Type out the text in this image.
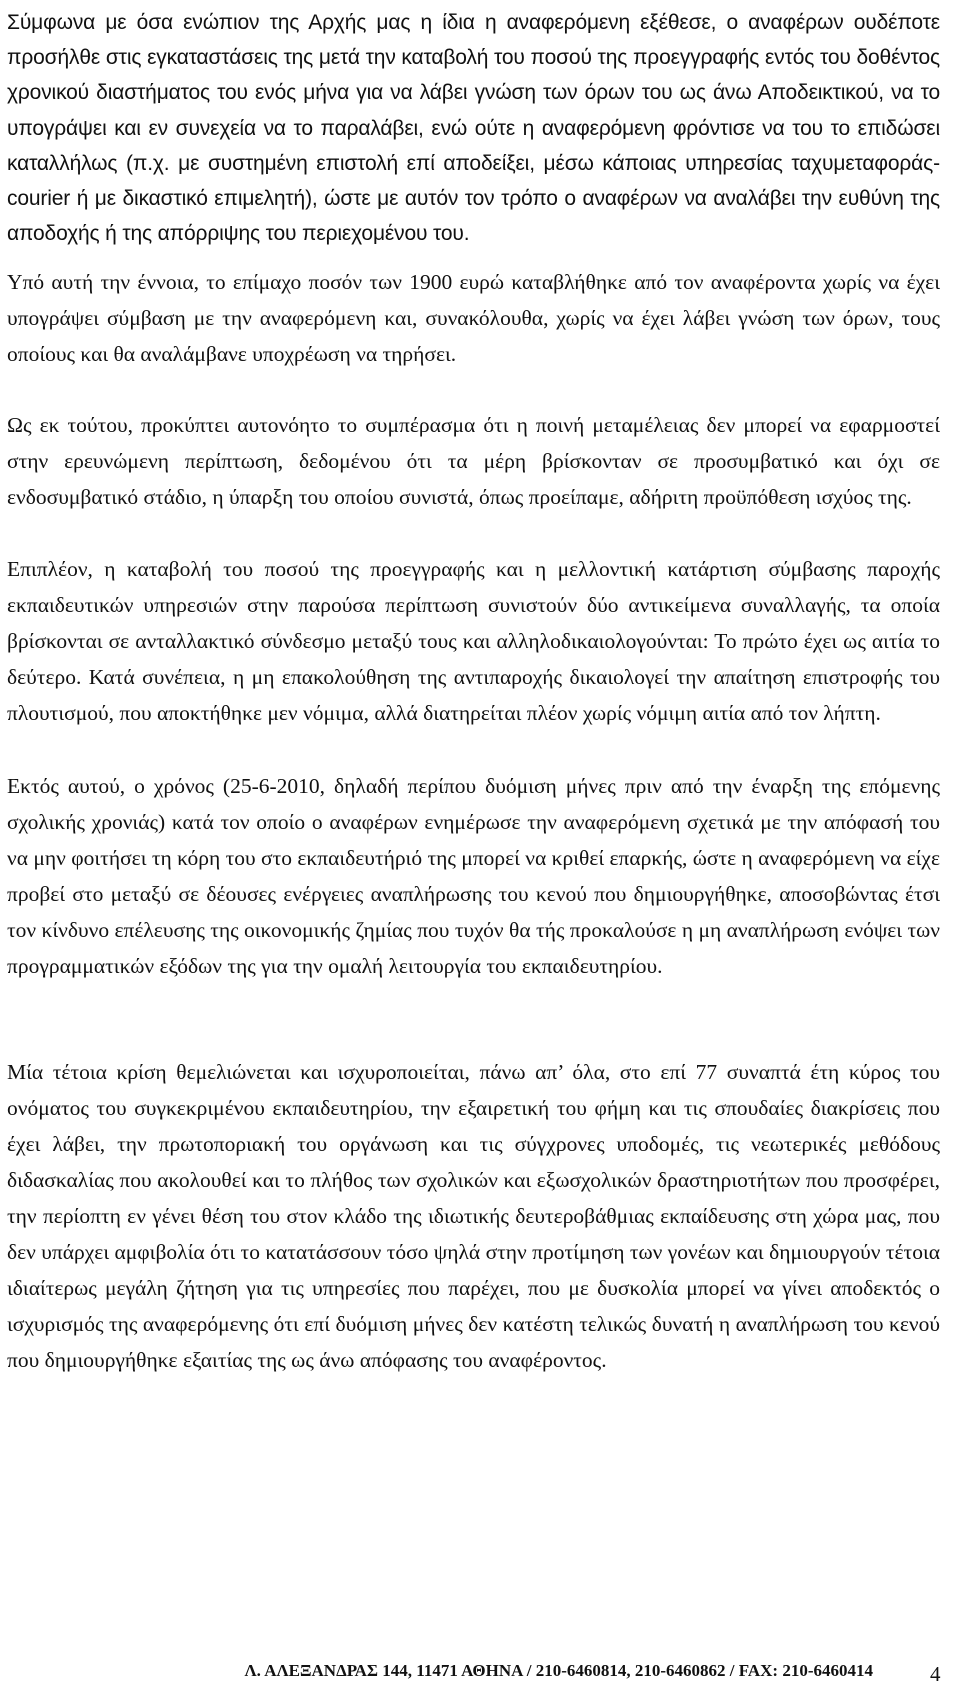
Σύμφωνα με όσα ενώπιον της Αρχής μας η ίδια η αναφερόμενη εξέθεσε, ο αναφέρων ουδέποτε προσήλθε στις εγκαταστάσεις της μετά την καταβολή του ποσού της προεγγραφής εντός του δοθέντος χρονικού διαστήματος του ενός μήνα για να λάβει γνώση των όρων του ως άνω Αποδεικτικού, να το υπογράψει και εν συνεχεία να το παραλάβει, ενώ ούτε η αναφερόμενη φρόντισε να του το επιδώσει καταλλήλως (π.χ. με συστημένη επιστολή επί αποδείξει, μέσω κάποιας υπηρεσίας ταχυμεταφοράς-courier ή με δικαστικό επιμελητή), ώστε με αυτόν τον τρόπο ο αναφέρων να αναλάβει την ευθύνη της αποδοχής ή της απόρριψης του περιεχομένου του.

Υπό αυτή την έννοια, το επίμαχο ποσόν των 1900 ευρώ καταβλήθηκε από τον αναφέροντα χωρίς να έχει υπογράψει σύμβαση με την αναφερόμενη και, συνακόλουθα, χωρίς να έχει λάβει γνώση των όρων, τους οποίους και θα αναλάμβανε υποχρέωση να τηρήσει.

Ως εκ τούτου, προκύπτει αυτονόητο το συμπέρασμα ότι η ποινή μεταμέλειας δεν μπορεί να εφαρμοστεί στην ερευνώμενη περίπτωση, δεδομένου ότι τα μέρη βρίσκονταν σε προσυμβατικό και όχι σε ενδοσυμβατικό στάδιο, η ύπαρξη του οποίου συνιστά, όπως προείπαμε, αδήριτη προϋπόθεση ισχύος της.

Επιπλέον, η καταβολή του ποσού της προεγγραφής και η μελλοντική κατάρτιση σύμβασης παροχής εκπαιδευτικών υπηρεσιών στην παρούσα περίπτωση συνιστούν δύο αντικείμενα συναλλαγής, τα οποία βρίσκονται σε ανταλλακτικό σύνδεσμο μεταξύ τους και αλληλοδικαιολογούνται: Το πρώτο έχει ως αιτία το δεύτερο. Κατά συνέπεια, η μη επακολούθηση της αντιπαροχής δικαιολογεί την απαίτηση επιστροφής του πλουτισμού, που αποκτήθηκε μεν νόμιμα, αλλά διατηρείται πλέον χωρίς νόμιμη αιτία από τον λήπτη.

Εκτός αυτού, ο χρόνος (25-6-2010, δηλαδή περίπου δυόμιση μήνες πριν από την έναρξη της επόμενης σχολικής χρονιάς) κατά τον οποίο ο αναφέρων ενημέρωσε την αναφερόμενη σχετικά με την απόφασή του να μην φοιτήσει τη κόρη του στο εκπαιδευτήριό της μπορεί να κριθεί επαρκής, ώστε η αναφερόμενη να είχε προβεί στο μεταξύ σε δέουσες ενέργειες αναπλήρωσης του κενού που δημιουργήθηκε, αποσοβώντας έτσι τον κίνδυνο επέλευσης της οικονομικής ζημίας που τυχόν θα τής προκαλούσε η μη αναπλήρωση ενόψει των προγραμματικών εξόδων της για την ομαλή λειτουργία του εκπαιδευτηρίου.

Μία τέτοια κρίση θεμελιώνεται και ισχυροποιείται, πάνω απ’ όλα, στο επί 77 συναπτά έτη κύρος του ονόματος του συγκεκριμένου εκπαιδευτηρίου, την εξαιρετική του φήμη και τις σπουδαίες διακρίσεις που έχει λάβει, την πρωτοπoριακή του οργάνωση και τις σύγχρονες υποδομές, τις νεωτερικές μεθόδους διδασκαλίας που ακολουθεί και το πλήθος των σχολικών και εξωσχολικών δραστηριοτήτων που προσφέρει, την περίοπτη εν γένει θέση του στον κλάδο της ιδιωτικής δευτεροβάθμιας εκπαίδευσης στη χώρα μας, που δεν υπάρχει αμφιβολία ότι το κατατάσσουν τόσο ψηλά στην προτίμηση των γονέων και δημιουργούν τέτοια ιδιαίτερως μεγάλη ζήτηση για τις υπηρεσίες που παρέχει, που με δυσκολία μπορεί να γίνει αποδεκτός ο ισχυρισμός της αναφερόμενης ότι επί δυόμιση μήνες δεν κατέστη τελικώς δυνατή η αναπλήρωση του κενού που δημιουργήθηκε εξαιτίας της ως άνω απόφασης του αναφέροντος.

Λ. ΑΛΕΞΑΝΔΡΑΣ 144, 11471 ΑΘΗΝΑ / 210-6460814, 210-6460862 / FAX: 210-6460414	4
